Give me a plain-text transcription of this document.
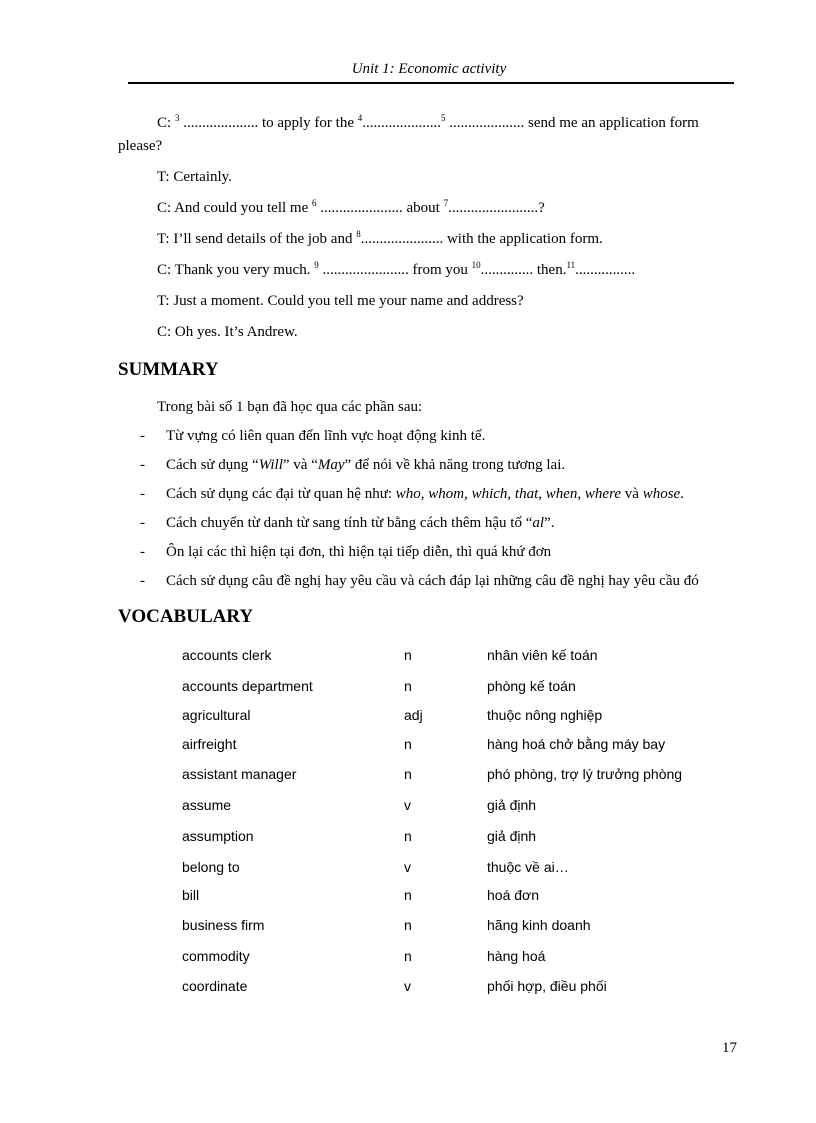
Unit 1: Economic activity
C: $^3$ .................... to apply for the $^4$.....................$^5$ .................... send me an application form
please?
T: Certainly.
C: And could you tell me $^6$ ...................... about $^7$........................?
T: I’ll send details of the job and $^8$...................... with the application form.
C: Thank you very much. $^9$ ....................... from you $^{10}$.............. then.$^{11}$................
T: Just a moment. Could you tell me your name and address?
C: Oh yes. It’s Andrew.
SUMMARY
Trong bài số 1 bạn đã học qua các phần sau:
- Từ vựng có liên quan đến lĩnh vực hoạt động kinh tế.
- Cách sử dụng “Will” và “May” để nói về khả năng trong tương lai.
- Cách sử dụng các đại từ quan hệ như: who, whom, which, that, when, where và whose.
- Cách chuyển từ danh từ sang tính từ bằng cách thêm hậu tố “al”.
- Ôn lại các thì hiện tại đơn, thì hiện tại tiếp diễn, thì quá khứ đơn
- Cách sử dụng câu đề nghị hay yêu cầu và cách đáp lại những câu đề nghị hay yêu cầu đó
VOCABULARY
accounts clerk	n	nhân viên kế toán
accounts department	n	phòng kế toán
agricultural	adj	thuộc nông nghiệp
airfreight	n	hàng hoá chở bằng máy bay
assistant manager	n	phó phòng, trợ lý trưởng phòng
assume	v	giả định
assumption	n	giả định
belong to	v	thuộc về ai…
bill	n	hoá đơn
business firm	n	hãng kinh doanh
commodity	n	hàng hoá
coordinate	v	phối hợp, điều phối
17
